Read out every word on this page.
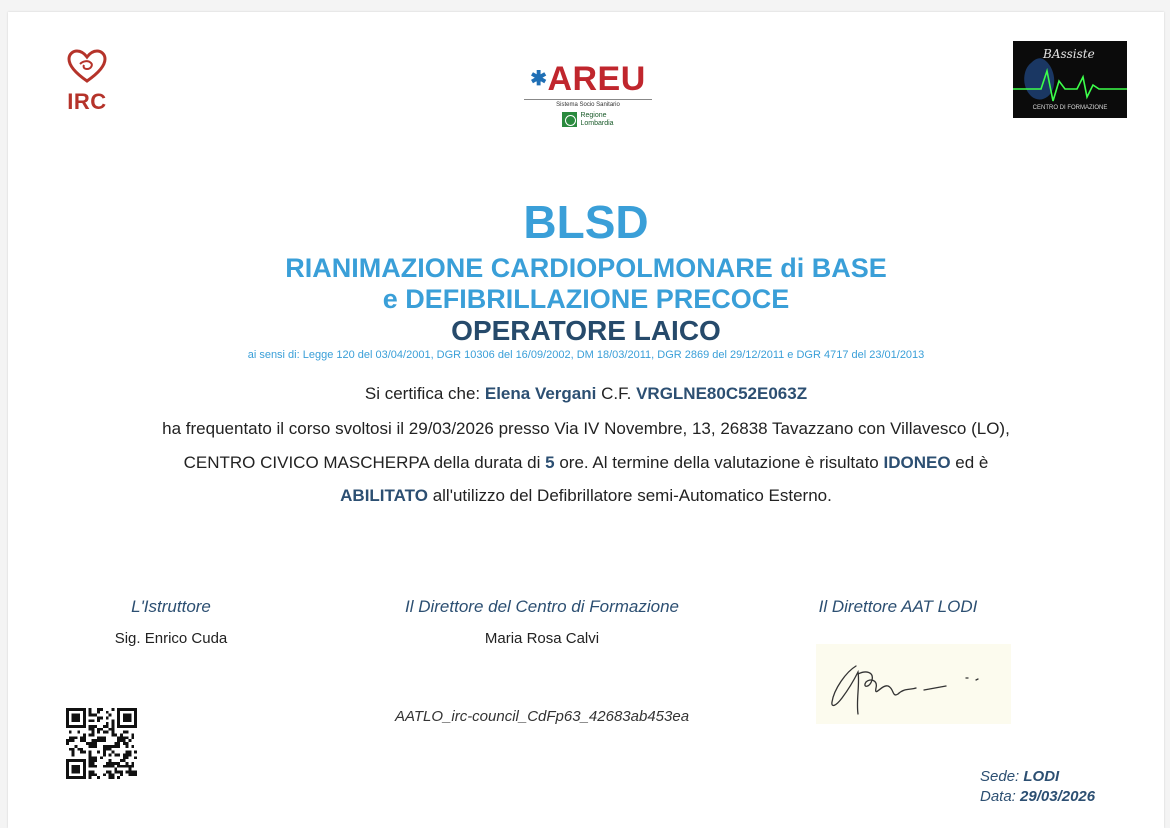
IRC
✱AREU
Sistema Socio Sanitario
Regione
Lombardia
BAssiste
CENTRO DI FORMAZIONE
BLSD
RIANIMAZIONE CARDIOPOLMONARE di BASE
e DEFIBRILLAZIONE PRECOCE
OPERATORE LAICO
ai sensi di: Legge 120 del 03/04/2001, DGR 10306 del 16/09/2002, DM 18/03/2011, DGR 2869 del 29/12/2011 e DGR 4717 del 23/01/2013
Si certifica che: Elena Vergani C.F. VRGLNE80C52E063Z
ha frequentato il corso svoltosi il 29/03/2026 presso Via IV Novembre, 13, 26838 Tavazzano con Villavesco (LO),
CENTRO CIVICO MASCHERPA della durata di 5 ore. Al termine della valutazione è risultato IDONEO ed è
ABILITATO all'utilizzo del Defibrillatore semi-Automatico Esterno.
L'Istruttore
Sig. Enrico Cuda
Il Direttore del Centro di Formazione
Maria Rosa Calvi
Il Direttore AAT LODI
AATLO_irc-council_CdFp63_42683ab453ea
Sede: LODI
Data: 29/03/2026
